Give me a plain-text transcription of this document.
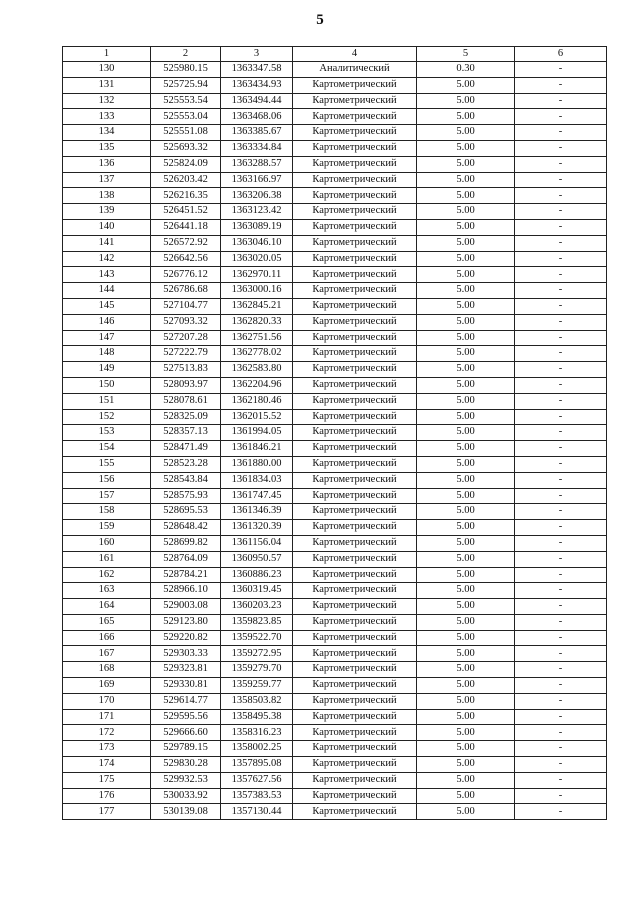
5
1	2	3	4	5	6
130	525980.15	1363347.58	Аналитический	0.30	-
131	525725.94	1363434.93	Картометрический	5.00	-
132	525553.54	1363494.44	Картометрический	5.00	-
133	525553.04	1363468.06	Картометрический	5.00	-
134	525551.08	1363385.67	Картометрический	5.00	-
135	525693.32	1363334.84	Картометрический	5.00	-
136	525824.09	1363288.57	Картометрический	5.00	-
137	526203.42	1363166.97	Картометрический	5.00	-
138	526216.35	1363206.38	Картометрический	5.00	-
139	526451.52	1363123.42	Картометрический	5.00	-
140	526441.18	1363089.19	Картометрический	5.00	-
141	526572.92	1363046.10	Картометрический	5.00	-
142	526642.56	1363020.05	Картометрический	5.00	-
143	526776.12	1362970.11	Картометрический	5.00	-
144	526786.68	1363000.16	Картометрический	5.00	-
145	527104.77	1362845.21	Картометрический	5.00	-
146	527093.32	1362820.33	Картометрический	5.00	-
147	527207.28	1362751.56	Картометрический	5.00	-
148	527222.79	1362778.02	Картометрический	5.00	-
149	527513.83	1362583.80	Картометрический	5.00	-
150	528093.97	1362204.96	Картометрический	5.00	-
151	528078.61	1362180.46	Картометрический	5.00	-
152	528325.09	1362015.52	Картометрический	5.00	-
153	528357.13	1361994.05	Картометрический	5.00	-
154	528471.49	1361846.21	Картометрический	5.00	-
155	528523.28	1361880.00	Картометрический	5.00	-
156	528543.84	1361834.03	Картометрический	5.00	-
157	528575.93	1361747.45	Картометрический	5.00	-
158	528695.53	1361346.39	Картометрический	5.00	-
159	528648.42	1361320.39	Картометрический	5.00	-
160	528699.82	1361156.04	Картометрический	5.00	-
161	528764.09	1360950.57	Картометрический	5.00	-
162	528784.21	1360886.23	Картометрический	5.00	-
163	528966.10	1360319.45	Картометрический	5.00	-
164	529003.08	1360203.23	Картометрический	5.00	-
165	529123.80	1359823.85	Картометрический	5.00	-
166	529220.82	1359522.70	Картометрический	5.00	-
167	529303.33	1359272.95	Картометрический	5.00	-
168	529323.81	1359279.70	Картометрический	5.00	-
169	529330.81	1359259.77	Картометрический	5.00	-
170	529614.77	1358503.82	Картометрический	5.00	-
171	529595.56	1358495.38	Картометрический	5.00	-
172	529666.60	1358316.23	Картометрический	5.00	-
173	529789.15	1358002.25	Картометрический	5.00	-
174	529830.28	1357895.08	Картометрический	5.00	-
175	529932.53	1357627.56	Картометрический	5.00	-
176	530033.92	1357383.53	Картометрический	5.00	-
177	530139.08	1357130.44	Картометрический	5.00	-
